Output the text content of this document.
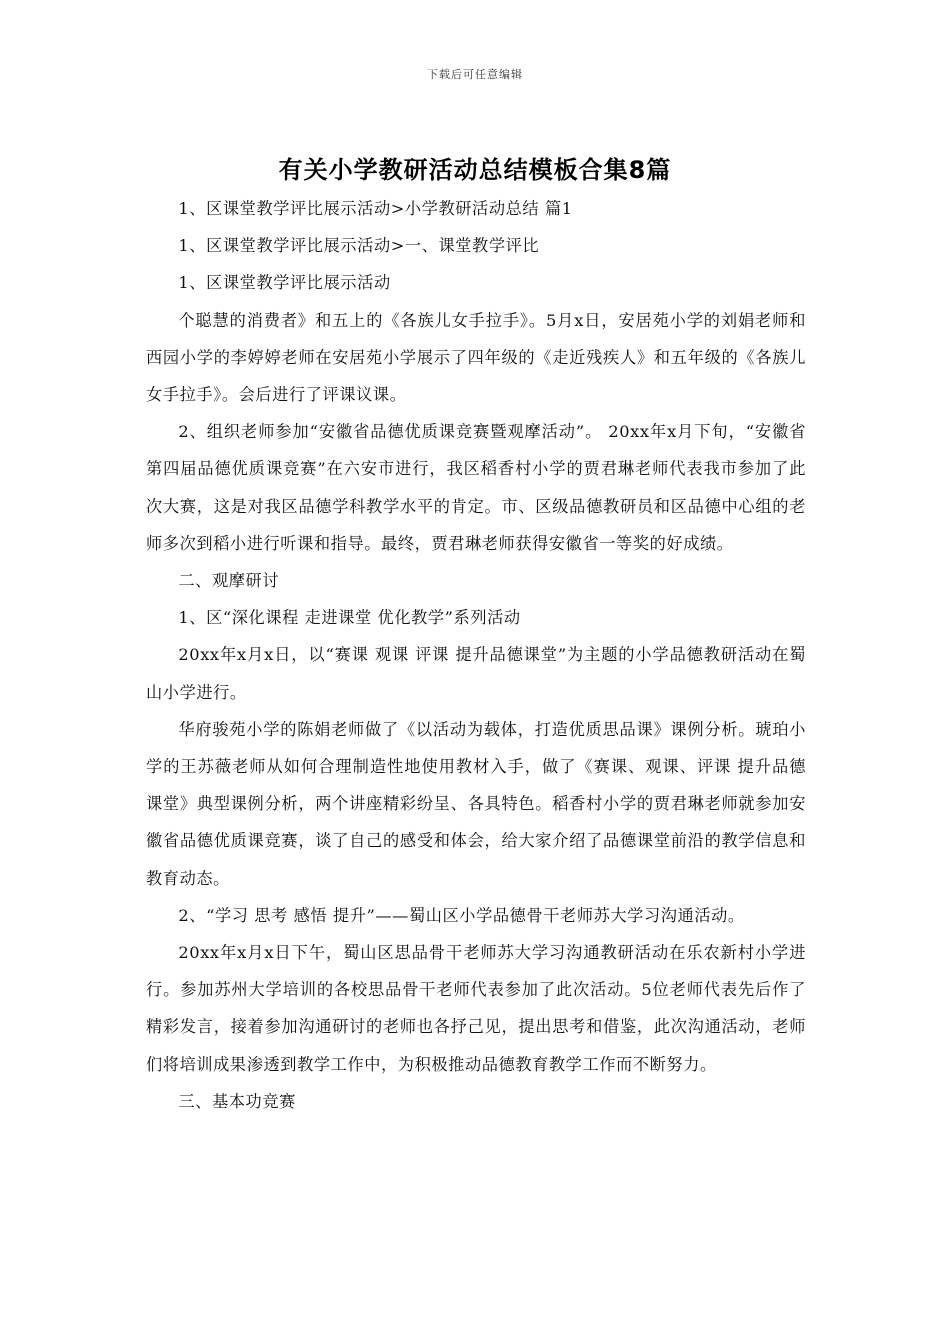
下载后可任意编辑
有关小学教研活动总结模板合集8篇

1、区课堂教学评比展示活动>小学教研活动总结 篇1

1、区课堂教学评比展示活动>一、课堂教学评比

1、区课堂教学评比展示活动

个聪慧的消费者》和五上的《各族儿女手拉手》。5月x日，安居苑小学的刘娟老师和西园小学的李婷婷老师在安居苑小学展示了四年级的《走近残疾人》和五年级的《各族儿女手拉手》。会后进行了评课议课。

2、组织老师参加“安徽省品德优质课竞赛暨观摩活动”。 20xx年x月下旬，“安徽省第四届品德优质课竞赛”在六安市进行，我区稻香村小学的贾君琳老师代表我市参加了此次大赛，这是对我区品德学科教学水平的肯定。市、区级品德教研员和区品德中心组的老师多次到稻小进行听课和指导。最终，贾君琳老师获得安徽省一等奖的好成绩。

二、观摩研讨

1、区“深化课程 走进课堂 优化教学”系列活动

20xx年x月x日，以“赛课 观课 评课 提升品德课堂”为主题的小学品德教研活动在蜀山小学进行。

华府骏苑小学的陈娟老师做了《以活动为载体，打造优质思品课》课例分析。琥珀小学的王苏薇老师从如何合理制造性地使用教材入手，做了《赛课、观课、评课 提升品德课堂》典型课例分析，两个讲座精彩纷呈、各具特色。稻香村小学的贾君琳老师就参加安徽省品德优质课竞赛，谈了自己的感受和体会，给大家介绍了品德课堂前沿的教学信息和教育动态。

2、“学习 思考 感悟 提升”——蜀山区小学品德骨干老师苏大学习沟通活动。

20xx年x月x日下午，蜀山区思品骨干老师苏大学习沟通教研活动在乐农新村小学进行。参加苏州大学培训的各校思品骨干老师代表参加了此次活动。5位老师代表先后作了精彩发言，接着参加沟通研讨的老师也各抒己见，提出思考和借鉴，此次沟通活动，老师们将培训成果渗透到教学工作中，为积极推动品德教育教学工作而不断努力。

三、基本功竞赛
